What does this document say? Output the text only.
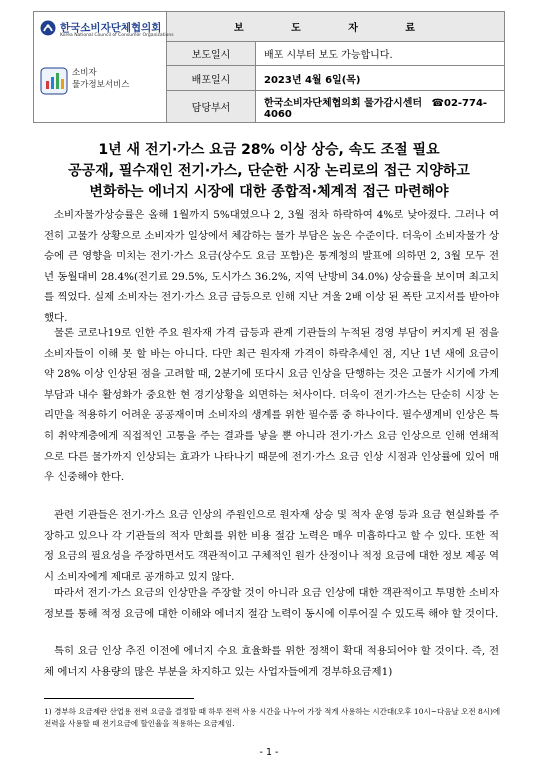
한국소비자단체협의회
Korea National Council of Consumer Organizations
소비자
물가정보서비스	보 도 자 료	
	보도일시	배포 시부터 보도 가능합니다.
	배포일시	2023년 4월 6일(목)
	담당부서	한국소비자단체협의회 물가감시센터 ☎02-774-4060
1년 새 전기·가스 요금 28% 이상 상승, 속도 조절 필요
공공재, 필수재인 전기·가스, 단순한 시장 논리로의 접근 지양하고
변화하는 에너지 시장에 대한 종합적·체계적 접근 마련해야
소비자물가상승률은 올해 1월까지 5%대였으나 2, 3월 점차 하락하여 4%로 낮아졌다. 그러나 여전히 고물가 상황으로 소비자가 일상에서 체감하는 물가 부담은 높은 수준이다. 더욱이 소비자물가 상승에 큰 영향을 미치는 전기·가스 요금(상수도 요금 포함)은 통계청의 발표에 의하면 2, 3월 모두 전년 동월대비 28.4%(전기료 29.5%, 도시가스 36.2%, 지역 난방비 34.0%) 상승률을 보이며 최고치를 찍었다. 실제 소비자는 전기·가스 요금 급등으로 인해 지난 겨울 2배 이상 된 폭탄 고지서를 받아야 했다.
물론 코로나19로 인한 주요 원자재 가격 급등과 관계 기관들의 누적된 경영 부담이 커지게 된 점을 소비자들이 이해 못 할 바는 아니다. 다만 최근 원자재 가격이 하락추세인 점, 지난 1년 새에 요금이 약 28% 이상 인상된 점을 고려할 때, 2분기에 또다시 요금 인상을 단행하는 것은 고물가 시기에 가계 부담과 내수 활성화가 중요한 현 경기상황을 외면하는 처사이다. 더욱이 전기·가스는 단순히 시장 논리만을 적용하기 어려운 공공재이며 소비자의 생계를 위한 필수품 중 하나이다. 필수생계비 인상은 특히 취약계층에게 직접적인 고통을 주는 결과를 낳을 뿐 아니라 전기·가스 요금 인상으로 인해 연쇄적으로 다른 물가까지 인상되는 효과가 나타나기 때문에 전기·가스 요금 인상 시점과 인상률에 있어 매우 신중해야 한다.
관련 기관들은 전기·가스 요금 인상의 주원인으로 원자재 상승 및 적자 운영 등과 요금 현실화를 주장하고 있으나 각 기관들의 적자 만회를 위한 비용 절감 노력은 매우 미흡하다고 할 수 있다. 또한 적정 요금의 필요성을 주장하면서도 객관적이고 구체적인 원가 산정이나 적정 요금에 대한 정보 제공 역시 소비자에게 제대로 공개하고 있지 않다.
따라서 전기·가스 요금의 인상만을 주장할 것이 아니라 요금 인상에 대한 객관적이고 투명한 소비자 정보를 통해 적정 요금에 대한 이해와 에너지 절감 노력이 동시에 이루어질 수 있도록 해야 할 것이다.
특히 요금 인상 추진 이전에 에너지 수요 효율화를 위한 정책이 확대 적용되어야 할 것이다. 즉, 전체 에너지 사용량의 많은 부분을 차지하고 있는 사업자들에게 경부하요금제1)
1) 경부하 요금제란 산업용 전력 요금을 결정할 때 하루 전력 사용 시간을 나누어 가장 적게 사용하는 시간대(오후 10시~다음날 오전 8시)에 전력을 사용할 때 전기요금에 할인율을 적용하는 요금제임.
- 1 -
